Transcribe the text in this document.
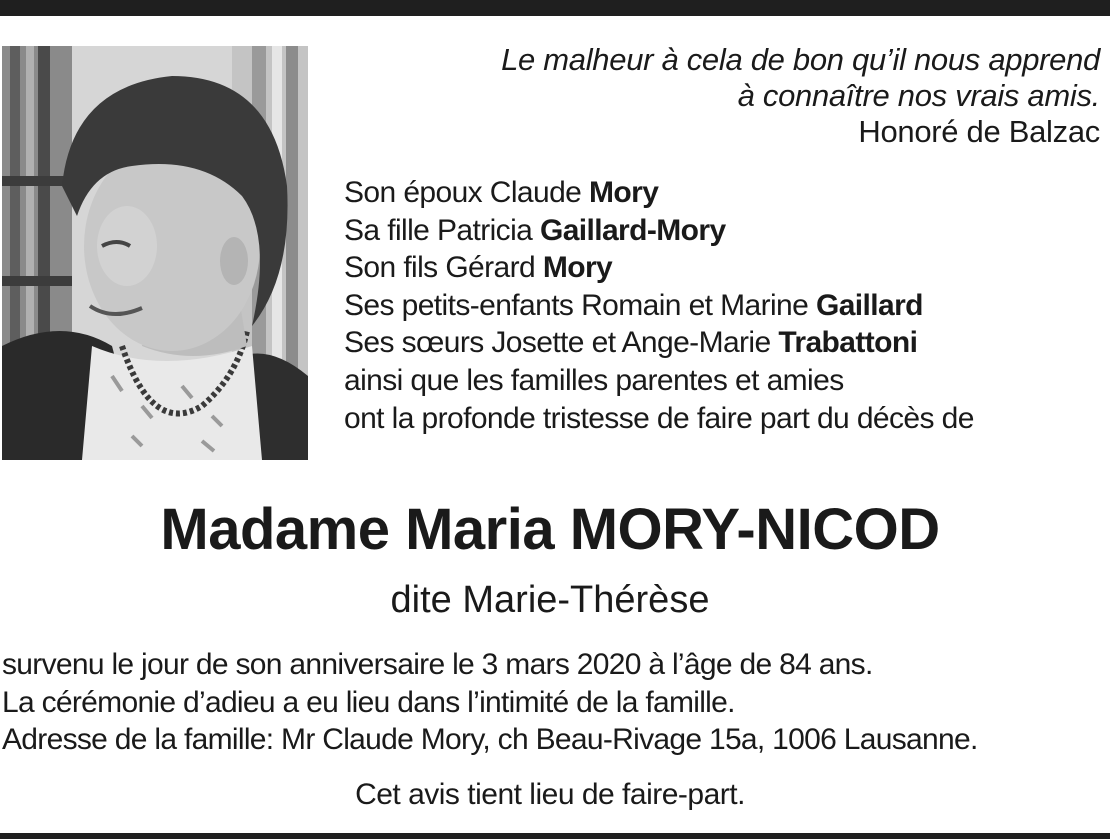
Le malheur à cela de bon qu’il nous apprend
à connaître nos vrais amis.
Honoré de Balzac
Son époux Claude Mory
Sa fille Patricia Gaillard-Mory
Son fils Gérard Mory
Ses petits-enfants Romain et Marine Gaillard
Ses sœurs Josette et Ange-Marie Trabattoni
ainsi que les familles parentes et amies
ont la profonde tristesse de faire part du décès de
Madame Maria MORY-NICOD
dite Marie-Thérèse
survenu le jour de son anniversaire le 3 mars 2020 à l’âge de 84 ans.
La cérémonie d’adieu a eu lieu dans l’intimité de la famille.
Adresse de la famille: Mr Claude Mory, ch Beau-Rivage 15a, 1006 Lausanne.
Cet avis tient lieu de faire-part.
